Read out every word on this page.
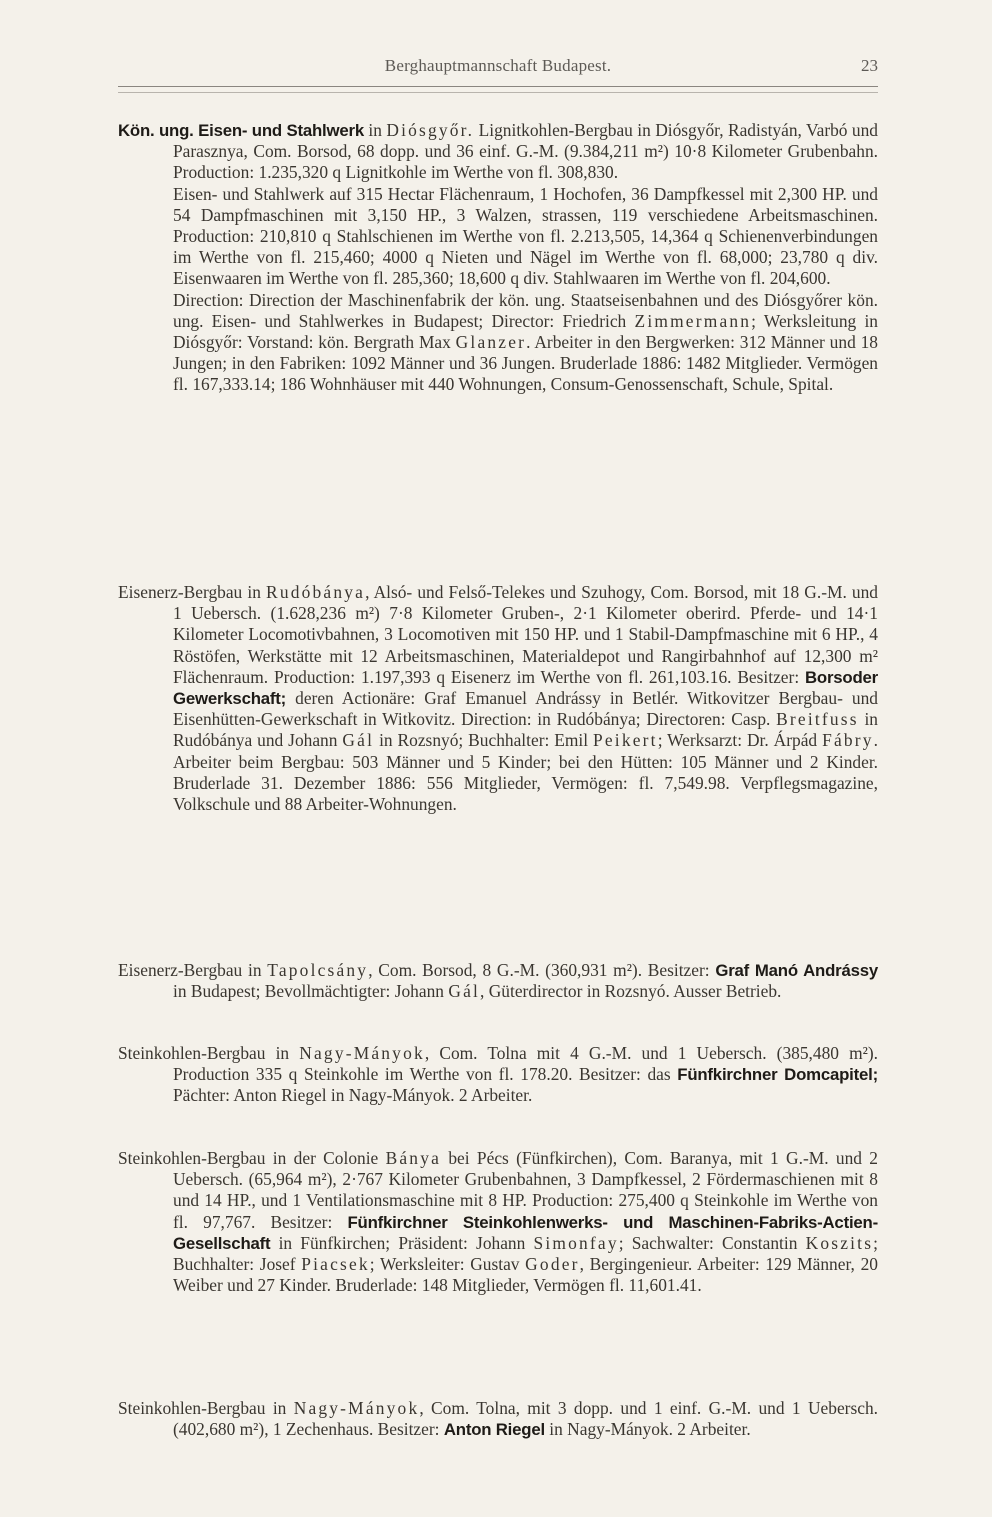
Berghauptmannschaft Budapest.	23

Kön. ung. Eisen- und Stahlwerk in Diósgyőr. Lignitkohlen-Bergbau in Diósgyőr, Radistyán, Varbó und Parasznya, Com. Borsod, 68 dopp. und 36 einf. G.-M. (9.384,211 m²) 10·8 Kilometer Grubenbahn. Production: 1.235,320 q Lignitkohle im Werthe von fl. 308,830.

Eisen- und Stahlwerk auf 315 Hectar Flächenraum, 1 Hochofen, 36 Dampfkessel mit 2,300 HP. und 54 Dampfmaschinen mit 3,150 HP., 3 Walzen, strassen, 119 verschiedene Arbeitsmaschinen. Production: 210,810 q Stahlschienen im Werthe von fl. 2.213,505, 14,364 q Schienenverbindungen im Werthe von fl. 215,460; 4000 q Nieten und Nägel im Werthe von fl. 68,000; 23,780 q div. Eisenwaaren im Werthe von fl. 285,360; 18,600 q div. Stahlwaaren im Werthe von fl. 204,600.

Direction: Direction der Maschinenfabrik der kön. ung. Staatseisenbahnen und des Diósgyőrer kön. ung. Eisen- und Stahlwerkes in Budapest; Director: Friedrich Zimmermann; Werksleitung in Diósgyőr: Vorstand: kön. Bergrath Max Glanzer. Arbeiter in den Bergwerken: 312 Männer und 18 Jungen; in den Fabriken: 1092 Männer und 36 Jungen. Bruderlade 1886: 1482 Mitglieder. Vermögen fl. 167,333.14; 186 Wohnhäuser mit 440 Wohnungen, Consum-Genossenschaft, Schule, Spital.

Eisenerz-Bergbau in Rudóbánya, Alsó- und Felső-Telekes und Szuhogy, Com. Borsod, mit 18 G.-M. und 1 Uebersch. (1.628,236 m²) 7·8 Kilometer Gruben-, 2·1 Kilometer oberird. Pferde- und 14·1 Kilometer Locomotivbahnen, 3 Locomotiven mit 150 HP. und 1 Stabil-Dampfmaschine mit 6 HP., 4 Röstöfen, Werkstätte mit 12 Arbeitsmaschinen, Materialdepot und Rangirbahnhof auf 12,300 m² Flächenraum. Production: 1.197,393 q Eisenerz im Werthe von fl. 261,103.16. Besitzer: Borsoder Gewerkschaft; deren Actionäre: Graf Emanuel Andrássy in Betlér. Witkovitzer Bergbau- und Eisenhütten-Gewerkschaft in Witkovitz. Direction: in Rudóbánya; Directoren: Casp. Breitfuss in Rudóbánya und Johann Gál in Rozsnyó; Buchhalter: Emil Peikert; Werksarzt: Dr. Árpád Fábry. Arbeiter beim Bergbau: 503 Männer und 5 Kinder; bei den Hütten: 105 Männer und 2 Kinder. Bruderlade 31. Dezember 1886: 556 Mitglieder, Vermögen: fl. 7,549.98. Verpflegsmagazine, Volkschule und 88 Arbeiter-Wohnungen.

Eisenerz-Bergbau in Tapolcsány, Com. Borsod, 8 G.-M. (360,931 m²). Besitzer: Graf Manó Andrássy in Budapest; Bevollmächtigter: Johann Gál, Güterdirector in Rozsnyó. Ausser Betrieb.

Steinkohlen-Bergbau in Nagy-Mányok, Com. Tolna mit 4 G.-M. und 1 Uebersch. (385,480 m²). Production 335 q Steinkohle im Werthe von fl. 178.20. Besitzer: das Fünfkirchner Domcapitel; Pächter: Anton Riegel in Nagy-Mányok. 2 Arbeiter.

Steinkohlen-Bergbau in der Colonie Bánya bei Pécs (Fünfkirchen), Com. Baranya, mit 1 G.-M. und 2 Uebersch. (65,964 m²), 2·767 Kilometer Grubenbahnen, 3 Dampfkessel, 2 Fördermaschienen mit 8 und 14 HP., und 1 Ventilationsmaschine mit 8 HP. Production: 275,400 q Steinkohle im Werthe von fl. 97,767. Besitzer: Fünfkirchner Steinkohlenwerks- und Maschinen-Fabriks-Actien-Gesellschaft in Fünfkirchen; Präsident: Johann Simonfay; Sachwalter: Constantin Koszits; Buchhalter: Josef Piacsek; Werksleiter: Gustav Goder, Bergingenieur. Arbeiter: 129 Männer, 20 Weiber und 27 Kinder. Bruderlade: 148 Mitglieder, Vermögen fl. 11,601.41.

Steinkohlen-Bergbau in Nagy-Mányok, Com. Tolna, mit 3 dopp. und 1 einf. G.-M. und 1 Uebersch. (402,680 m²), 1 Zechenhaus. Besitzer: Anton Riegel in Nagy-Mányok. 2 Arbeiter.
